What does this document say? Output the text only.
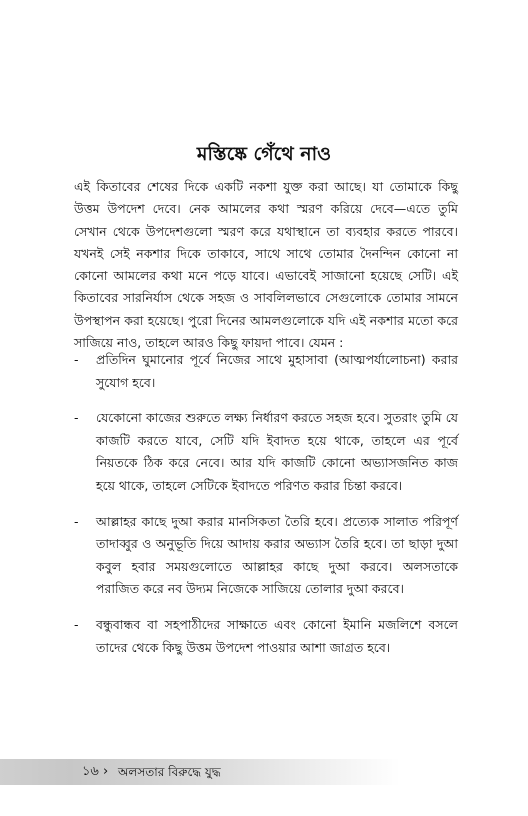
মস্তিষ্কে গেঁথে নাও

এই কিতাবের শেষের দিকে একটি নকশা যুক্ত করা আছে। যা তোমাকে কিছু উত্তম উপদেশ দেবে। নেক আমলের কথা স্মরণ করিয়ে দেবে—এতে তুমি সেখান থেকে উপদেশগুলো স্মরণ করে যথাস্থানে তা ব্যবহার করতে পারবে। যখনই সেই নকশার দিকে তাকাবে, সাথে সাথে তোমার দৈনন্দিন কোনো না কোনো আমলের কথা মনে পড়ে যাবে। এভাবেই সাজানো হয়েছে সেটি। এই কিতাবের সারনির্যাস থেকে সহজ ও সাবলিলভাবে সেগুলোকে তোমার সামনে উপস্থাপন করা হয়েছে। পুরো দিনের আমলগুলোকে যদি এই নকশার মতো করে সাজিয়ে নাও, তাহলে আরও কিছু ফায়দা পাবে। যেমন :

- প্রতিদিন ঘুমানোর পূর্বে নিজের সাথে মুহাসাবা (আত্মপর্যালোচনা) করার সুযোগ হবে।
- যেকোনো কাজের শুরুতে লক্ষ্য নির্ধারণ করতে সহজ হবে। সুতরাং তুমি যে কাজটি করতে যাবে, সেটি যদি ইবাদত হয়ে থাকে, তাহলে এর পূর্বে নিয়তকে ঠিক করে নেবে। আর যদি কাজটি কোনো অভ্যাসজনিত কাজ হয়ে থাকে, তাহলে সেটিকে ইবাদতে পরিণত করার চিন্তা করবে।
- আল্লাহর কাছে দুআ করার মানসিকতা তৈরি হবে। প্রত্যেক সালাত পরিপূর্ণ তাদাব্বুর ও অনুভূতি দিয়ে আদায় করার অভ্যাস তৈরি হবে। তা ছাড়া দুআ কবুল হবার সময়গুলোতে আল্লাহর কাছে দুআ করবে। অলসতাকে পরাজিত করে নব উদ্যম নিজেকে সাজিয়ে তোলার দুআ করবে।
- বন্ধুবান্ধব বা সহপাঠীদের সাক্ষাতে এবং কোনো ইমানি মজলিশে বসলে তাদের থেকে কিছু উত্তম উপদেশ পাওয়ার আশা জাগ্রত হবে।
১৬ › অলসতার বিরুদ্ধে যুদ্ধ
